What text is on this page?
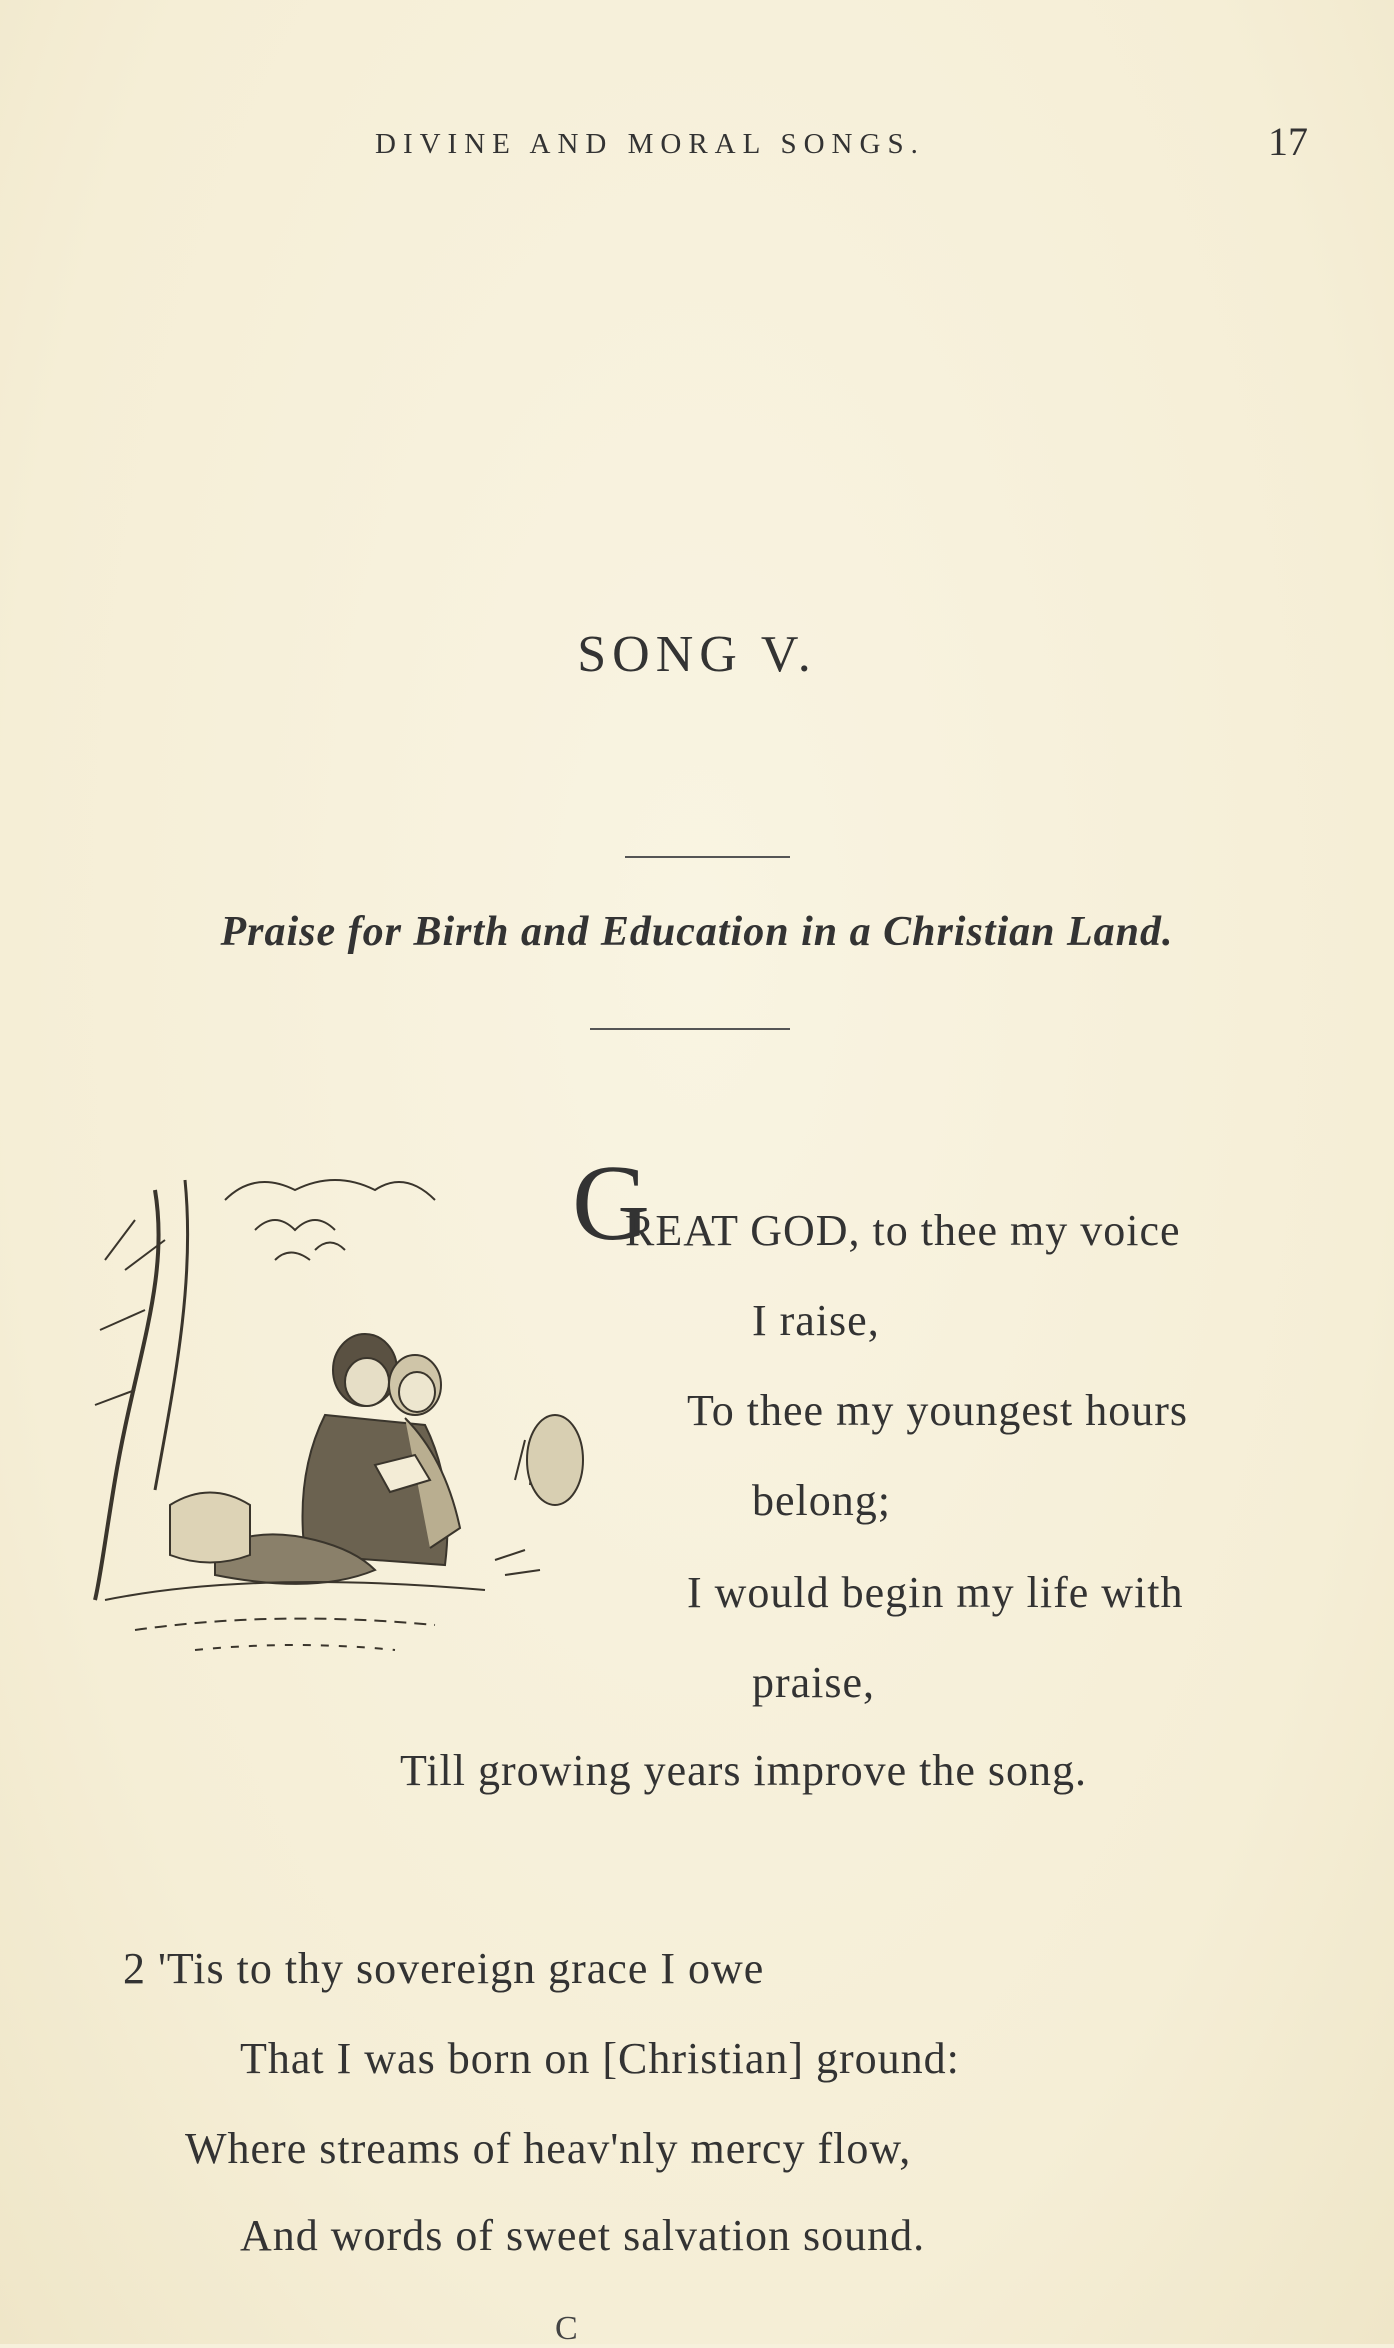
DIVINE AND MORAL SONGS.	17
SONG V.
Praise for Birth and Education in a Christian Land.
G
REAT GOD, to thee my voice
I raise,
To thee my youngest hours
belong;
I would begin my life with
praise,
Till growing years improve the song.
2 'Tis to thy sovereign grace I owe
That I was born on [Christian] ground:
Where streams of heav'nly mercy flow,
And words of sweet salvation sound.
C
